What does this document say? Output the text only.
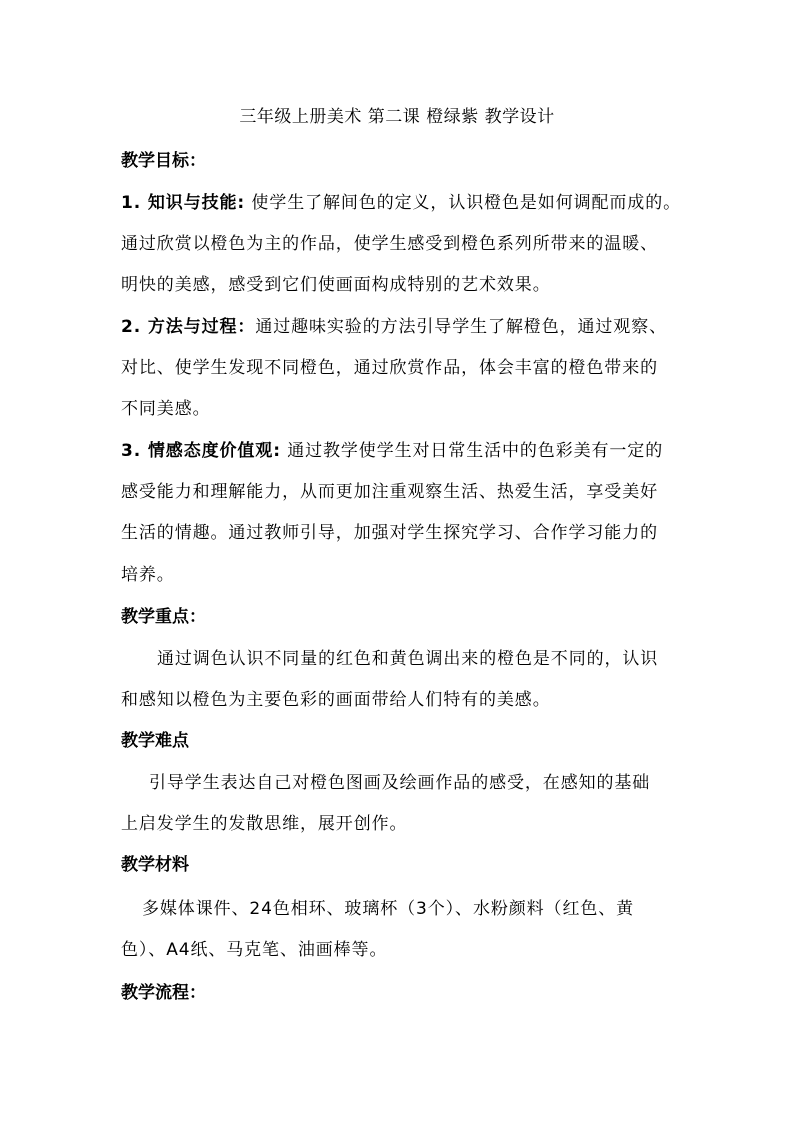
三年级上册美术 第二课 橙绿紫 教学设计
教学目标：
1. 知识与技能: 使学生了解间色的定义，认识橙色是如何调配而成的。
通过欣赏以橙色为主的作品，使学生感受到橙色系列所带来的温暖、
明快的美感，感受到它们使画面构成特别的艺术效果。
2. 方法与过程：通过趣味实验的方法引导学生了解橙色，通过观察、
对比、使学生发现不同橙色，通过欣赏作品，体会丰富的橙色带来的
不同美感。
3. 情感态度价值观: 通过教学使学生对日常生活中的色彩美有一定的
感受能力和理解能力，从而更加注重观察生活、热爱生活，享受美好
生活的情趣。通过教师引导，加强对学生探究学习、合作学习能力的
培养。
教学重点：
通过调色认识不同量的红色和黄色调出来的橙色是不同的，认识
和感知以橙色为主要色彩的画面带给人们特有的美感。
教学难点
引导学生表达自己对橙色图画及绘画作品的感受，在感知的基础
上启发学生的发散思维，展开创作。
教学材料
多媒体课件、24色相环、玻璃杯（3个）、水粉颜料（红色、黄
色）、A4纸、马克笔、油画棒等。
教学流程：
